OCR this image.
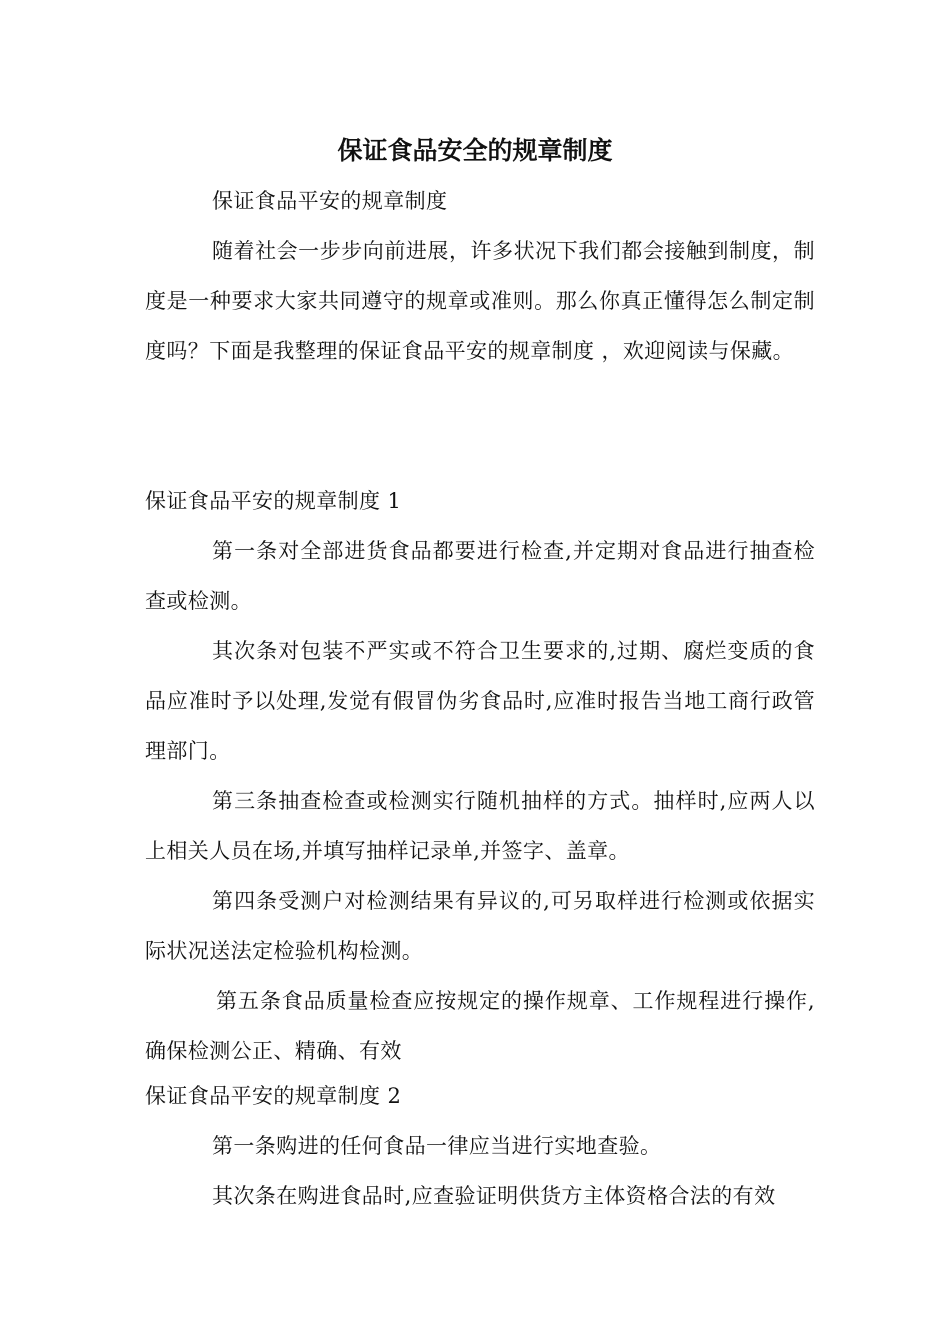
保证食品安全的规章制度

保证食品平安的规章制度

随着社会一步步向前进展，许多状况下我们都会接触到制度，制度是一种要求大家共同遵守的规章或准则。那么你真正懂得怎么制定制度吗？下面是我整理的保证食品平安的规章制度 ，欢迎阅读与保藏。

保证食品平安的规章制度 1

第一条对全部进货食品都要进行检查,并定期对食品进行抽查检查或检测。

其次条对包装不严实或不符合卫生要求的,过期、腐烂变质的食品应准时予以处理,发觉有假冒伪劣食品时,应准时报告当地工商行政管理部门。

第三条抽查检查或检测实行随机抽样的方式。抽样时,应两人以上相关人员在场,并填写抽样记录单,并签字、盖章。

第四条受测户对检测结果有异议的,可另取样进行检测或依据实际状况送法定检验机构检测。

第五条食品质量检查应按规定的操作规章、工作规程进行操作,确保检测公正、精确、有效

保证食品平安的规章制度 2

第一条购进的任何食品一律应当进行实地查验。

其次条在购进食品时,应查验证明供货方主体资格合法的有效
